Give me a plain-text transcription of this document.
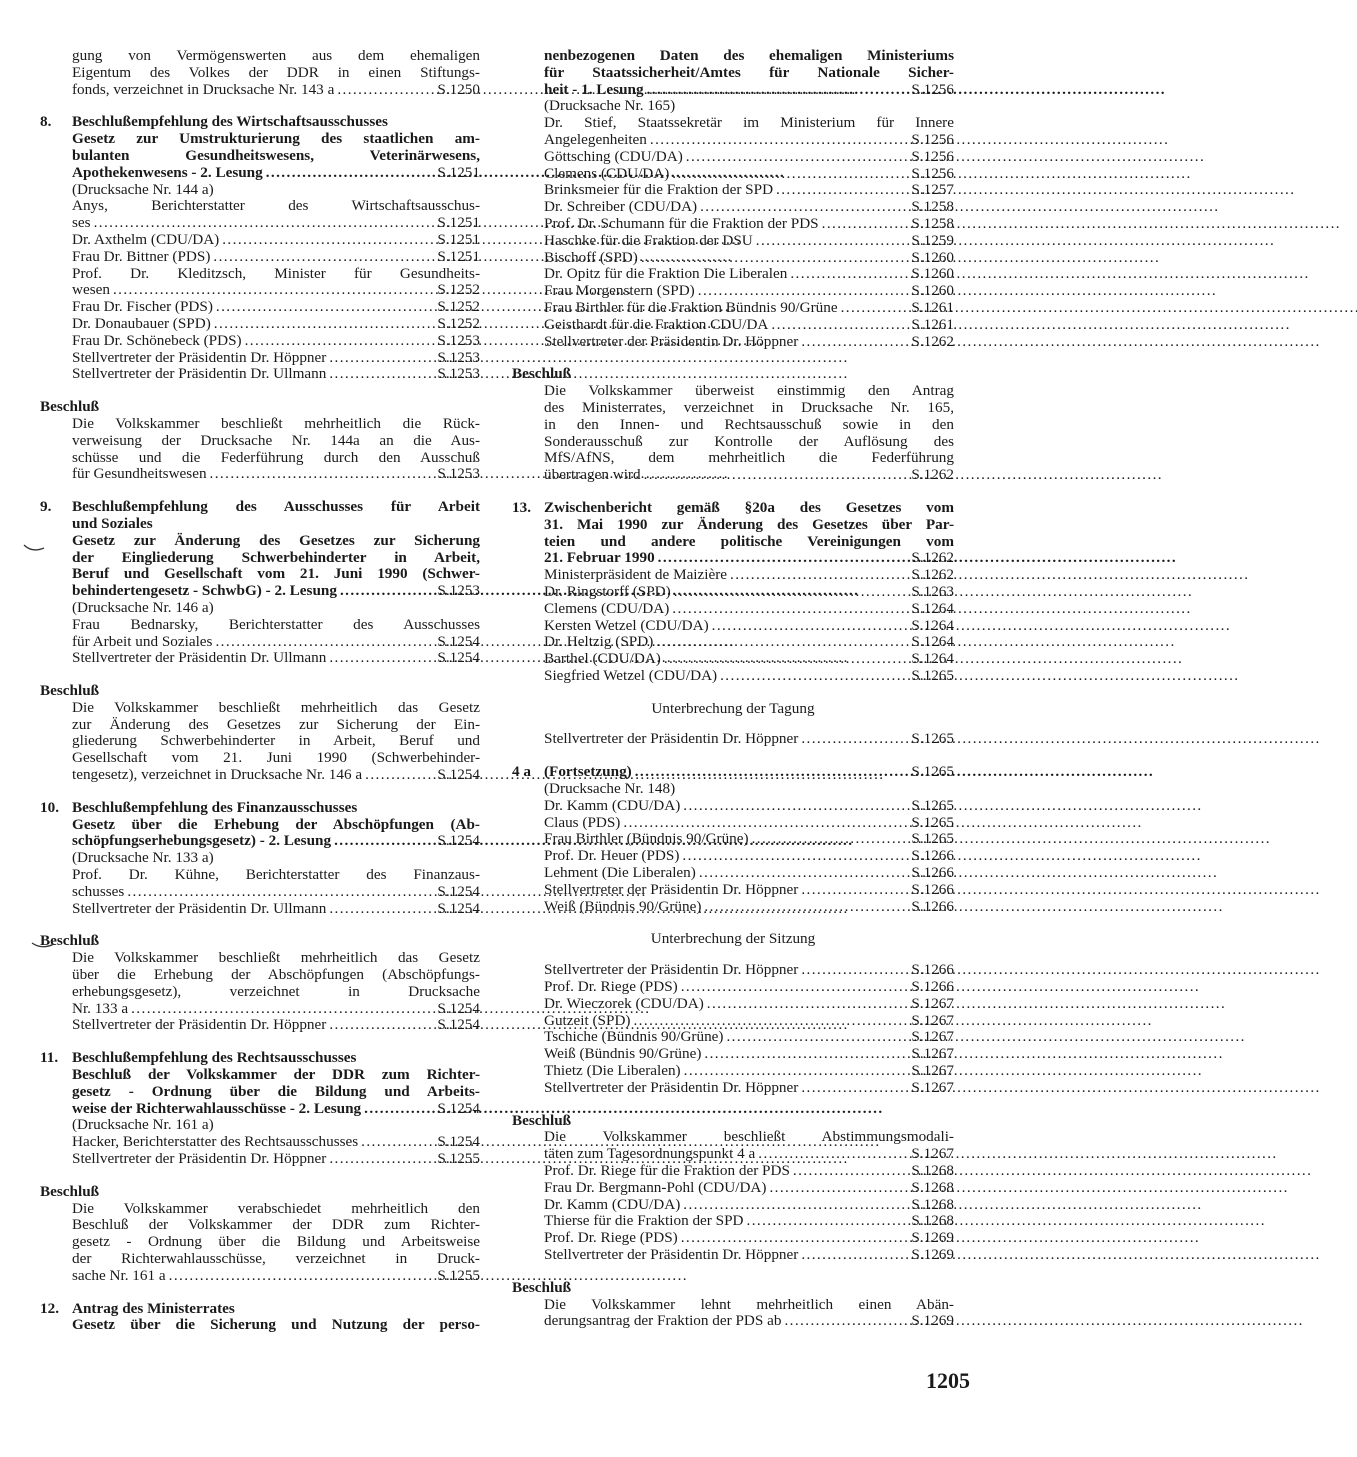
gung von Vermögenswerten aus dem ehemaligen
Eigentum des Volkes der DDR in einen Stiftungs-
fonds, verzeichnet in Drucksache Nr. 143 a . . .	S.1250
8.	Beschlußempfehlung des Wirtschaftsausschusses
Gesetz zur Umstrukturierung des staatlichen am-
bulanten Gesundheitswesens, Veterinärwesens,
Apothekenwesens - 2. Lesung . . .	S.1251
(Drucksache Nr. 144 a)
Anys, Berichterstatter des Wirtschaftsausschus-
ses . . .	S.1251
Dr. Axthelm (CDU/DA) . . .	S.1251
Frau Dr. Bittner (PDS) . . .	S.1251
Prof. Dr. Kleditzsch, Minister für Gesundheits-
wesen . . .	S.1252
Frau Dr. Fischer (PDS) . . .	S.1252
Dr. Donaubauer (SPD) . . .	S.1252
Frau Dr. Schönebeck (PDS) . . .	S.1253
Stellvertreter der Präsidentin Dr. Höppner . . .	S.1253
Stellvertreter der Präsidentin Dr. Ullmann . . .	S.1253
Beschluß
Die Volkskammer beschließt mehrheitlich die Rück-
verweisung der Drucksache Nr. 144a an die Aus-
schüsse und die Federführung durch den Ausschuß
für Gesundheitswesen . . .	S.1253
9.	Beschlußempfehlung des Ausschusses für Arbeit
und Soziales
Gesetz zur Änderung des Gesetzes zur Sicherung
der Eingliederung Schwerbehinderter in Arbeit,
Beruf und Gesellschaft vom 21. Juni 1990 (Schwer-
behindertengesetz - SchwbG) - 2. Lesung . . .	S.1253
(Drucksache Nr. 146 a)
Frau Bednarsky, Berichterstatter des Ausschusses
für Arbeit und Soziales . . .	S.1254
Stellvertreter der Präsidentin Dr. Ullmann . . .	S.1254
Beschluß
Die Volkskammer beschließt mehrheitlich das Gesetz
zur Änderung des Gesetzes zur Sicherung der Ein-
gliederung Schwerbehinderter in Arbeit, Beruf und
Gesellschaft vom 21. Juni 1990 (Schwerbehinder-
tengesetz), verzeichnet in Drucksache Nr. 146 a . . .	S.1254
10. Beschlußempfehlung des Finanzausschusses
Gesetz über die Erhebung der Abschöpfungen (Ab-
schöpfungserhebungsgesetz) - 2. Lesung . . .	S.1254
(Drucksache Nr. 133 a)
Prof. Dr. Kühne, Berichterstatter des Finanzaus-
schusses . . .	S.1254
Stellvertreter der Präsidentin Dr. Ullmann . . .	S.1254
Beschluß
Die Volkskammer beschließt mehrheitlich das Gesetz
über die Erhebung der Abschöpfungen (Abschöpfungs-
erhebungsgesetz), verzeichnet in Drucksache
Nr. 133 a . . .	S.1254
Stellvertreter der Präsidentin Dr. Höppner . . .	S.1254
11. Beschlußempfehlung des Rechtsausschusses
Beschluß der Volkskammer der DDR zum Richter-
gesetz - Ordnung über die Bildung und Arbeits-
weise der Richterwahlausschüsse - 2. Lesung . . .	S.1254
(Drucksache Nr. 161 a)
Hacker, Berichterstatter des Rechtsausschusses . . .	S.1254
Stellvertreter der Präsidentin Dr. Höppner . . .	S.1255
Beschluß
Die Volkskammer verabschiedet mehrheitlich den
Beschluß der Volkskammer der DDR zum Richter-
gesetz - Ordnung über die Bildung und Arbeitsweise
der Richterwahlausschüsse, verzeichnet in Druck-
sache Nr. 161 a . . .	S.1255
12. Antrag des Ministerrates
Gesetz über die Sicherung und Nutzung der perso-
nenbezogenen Daten des ehemaligen Ministeriums
für Staatssicherheit/Amtes für Nationale Sicher-
heit - 1. Lesung . . .	S.1256
(Drucksache Nr. 165)
Dr. Stief, Staatssekretär im Ministerium für Innere
Angelegenheiten . . .	S.1256
Göttsching (CDU/DA) . . .	S.1256
Clemens (CDU/DA) . . .	S.1256
Brinksmeier für die Fraktion der SPD . . .	S.1257
Dr. Schreiber (CDU/DA) . . .	S.1258
Prof. Dr. Schumann für die Fraktion der PDS . . .	S.1258
Haschke für die Fraktion der DSU . . .	S.1259
Bischoff (SPD) . . .	S.1260
Dr. Opitz für die Fraktion Die Liberalen . . .	S.1260
Frau Morgenstern (SPD) . . .	S.1260
Frau Birthler für die Fraktion Bündnis 90/Grüne . . .	S.1261
Geisthardt für die Fraktion CDU/DA . . .	S.1261
Stellvertreter der Präsidentin Dr. Höppner . . .	S.1262
Beschluß
Die Volkskammer überweist einstimmig den Antrag
des Ministerrates, verzeichnet in Drucksache Nr. 165,
in den Innen- und Rechtsausschuß sowie in den
Sonderausschuß zur Kontrolle der Auflösung des
MfS/AfNS, dem mehrheitlich die Federführung
übertragen wird . . .	S.1262
13. Zwischenbericht gemäß §20a des Gesetzes vom
31. Mai 1990 zur Änderung des Gesetzes über Par-
teien und andere politische Vereinigungen vom
21. Februar 1990 . . .	S.1262
Ministerpräsident de Maizière . . .	S.1262
Dr. Ringstorff (SPD) . . .	S.1263
Clemens (CDU/DA) . . .	S.1264
Kersten Wetzel (CDU/DA) . . .	S.1264
Dr. Heltzig (SPD) . . .	S.1264
Barthel (CDU/DA) . . .	S.1264
Siegfried Wetzel (CDU/DA) . . .	S.1265
Unterbrechung der Tagung
Stellvertreter der Präsidentin Dr. Höppner . . .	S.1265
4 a (Fortsetzung) . . .	S.1265
(Drucksache Nr. 148)
Dr. Kamm (CDU/DA) . . .	S.1265
Claus (PDS) . . .	S.1265
Frau Birthler (Bündnis 90/Grüne) . . .	S.1265
Prof. Dr. Heuer (PDS) . . .	S.1266
Lehment (Die Liberalen) . . .	S.1266
Stellvertreter der Präsidentin Dr. Höppner . . .	S.1266
Weiß (Bündnis 90/Grüne) . . .	S.1266
Unterbrechung der Sitzung
Stellvertreter der Präsidentin Dr. Höppner . . .	S.1266
Prof. Dr. Riege (PDS) . . .	S.1266
Dr. Wieczorek (CDU/DA) . . .	S.1267
Gutzeit (SPD) . . .	S.1267
Tschiche (Bündnis 90/Grüne) . . .	S.1267
Weiß (Bündnis 90/Grüne) . . .	S.1267
Thietz (Die Liberalen) . . .	S.1267
Stellvertreter der Präsidentin Dr. Höppner . . .	S.1267
Beschluß
Die Volkskammer beschließt Abstimmungsmodali-
täten zum Tagesordnungspunkt 4 a . . .	S.1267
Prof. Dr. Riege für die Fraktion der PDS . . .	S.1268
Frau Dr. Bergmann-Pohl (CDU/DA) . . .	S.1268
Dr. Kamm (CDU/DA) . . .	S.1268
Thierse für die Fraktion der SPD . . .	S.1268
Prof. Dr. Riege (PDS) . . .	S.1269
Stellvertreter der Präsidentin Dr. Höppner . . .	S.1269
Beschluß
Die Volkskammer lehnt mehrheitlich einen Abän-
derungsantrag der Fraktion der PDS ab . . .	S.1269
1205
